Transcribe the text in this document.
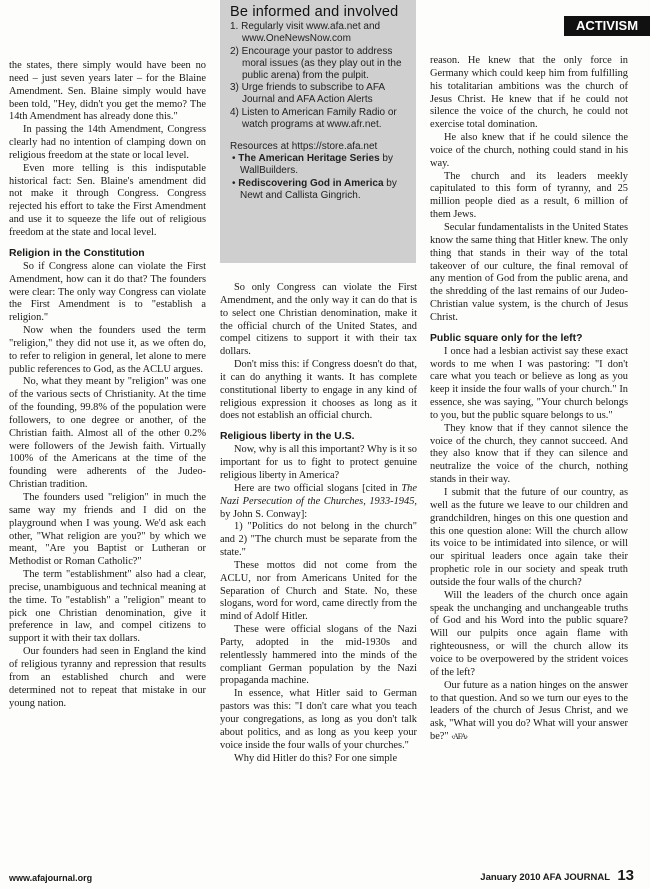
Be informed and involved
1. Regularly visit www.afa.net and www.OneNewsNow.com
2) Encourage your pastor to address moral issues (as they play out in the public arena) from the pulpit.
3) Urge friends to subscribe to AFA Journal and AFA Action Alerts
4) Listen to American Family Radio or watch programs at www.afr.net.
Resources at https://store.afa.net
• The American Heritage Series by WallBuilders.
• Rediscovering God in America by Newt and Callista Gingrich.
ACTIVISM

the states, there simply would have been no need – just seven years later – for the Blaine Amendment. Sen. Blaine simply would have been told, "Hey, didn't you get the memo? The 14th Amendment has already done this."

In passing the 14th Amendment, Congress clearly had no intention of clamping down on religious freedom at the state or local level.

Even more telling is this indisputable historical fact: Sen. Blaine's amendment did not make it through Congress. Congress rejected his effort to take the First Amendment and use it to squeeze the life out of religious freedom at the state and local level.

Religion in the Constitution

So if Congress alone can violate the First Amendment, how can it do that? The founders were clear: The only way Congress can violate the First Amendment is to "establish a religion."

Now when the founders used the term "religion," they did not use it, as we often do, to refer to religion in general, let alone to mere public references to God, as the ACLU argues.

No, what they meant by "religion" was one of the various sects of Christianity. At the time of the founding, 99.8% of the population were followers, to one degree or another, of the Christian faith. Almost all of the other 0.2% were followers of the Jewish faith. Virtually 100% of the Americans at the time of the founding were adherents of the Judeo-Christian tradition.

The founders used "religion" in much the same way my friends and I did on the playground when I was young. We'd ask each other, "What religion are you?" by which we meant, "Are you Baptist or Lutheran or Methodist or Roman Catholic?"

The term "establishment" also had a clear, precise, unambiguous and technical meaning at the time. To "establish" a "religion" meant to pick one Christian denomination, give it preference in law, and compel citizens to support it with their tax dollars.

Our founders had seen in England the kind of religious tyranny and repression that results from an established church and were determined not to repeat that mistake in our young nation.

So only Congress can violate the First Amendment, and the only way it can do that is to select one Christian denomination, make it the official church of the United States, and compel citizens to support it with their tax dollars.

Don't miss this: if Congress doesn't do that, it can do anything it wants. It has complete constitutional liberty to engage in any kind of religious expression it chooses as long as it does not establish an official church.

Religious liberty in the U.S.

Now, why is all this important? Why is it so important for us to fight to protect genuine religious liberty in America?

Here are two official slogans [cited in The Nazi Persecution of the Churches, 1933-1945, by John S. Conway]:

1) "Politics do not belong in the church" and 2) "The church must be separate from the state."

These mottos did not come from the ACLU, nor from Americans United for the Separation of Church and State. No, these slogans, word for word, came directly from the mind of Adolf Hitler.

These were official slogans of the Nazi Party, adopted in the mid-1930s and relentlessly hammered into the minds of the compliant German population by the Nazi propaganda machine.

In essence, what Hitler said to German pastors was this: "I don't care what you teach your congregations, as long as you don't talk about politics, and as long as you keep your voice inside the four walls of your churches."

Why did Hitler do this? For one simple

reason. He knew that the only force in Germany which could keep him from fulfilling his totalitarian ambitions was the church of Jesus Christ. He knew that if he could not silence the voice of the church, he could not exercise total domination.

He also knew that if he could silence the voice of the church, nothing could stand in his way.

The church and its leaders meekly capitulated to this form of tyranny, and 25 million people died as a result, 6 million of them Jews.

Secular fundamentalists in the United States know the same thing that Hitler knew. The only thing that stands in their way of the total takeover of our culture, the final removal of any mention of God from the public arena, and the shredding of the last remains of our Judeo-Christian value system, is the church of Jesus Christ.

Public square only for the left?

I once had a lesbian activist say these exact words to me when I was pastoring: "I don't care what you teach or believe as long as you keep it inside the four walls of your church." In essence, she was saying, "Your church belongs to you, but the public square belongs to us."

They know that if they cannot silence the voice of the church, they cannot succeed. And they also know that if they can silence and neutralize the voice of the church, nothing stands in their way.

I submit that the future of our country, as well as the future we leave to our children and grandchildren, hinges on this one question and this one question alone: Will the church allow its voice to be intimidated into silence, or will our spiritual leaders once again take their prophetic role in our society and speak truth outside the four walls of the church?

Will the leaders of the church once again speak the unchanging and unchangeable truths of God and his Word into the public square? Will our pulpits once again flame with righteousness, or will the church allow its voice to be overpowered by the strident voices of the left?

Our future as a nation hinges on the answer to that question. And so we turn our eyes to the leaders of the church of Jesus Christ, and we ask, "What will you do? What will your answer be?" ‹AFA›

www.afajournal.org	January 2010 AFA JOURNAL 13
